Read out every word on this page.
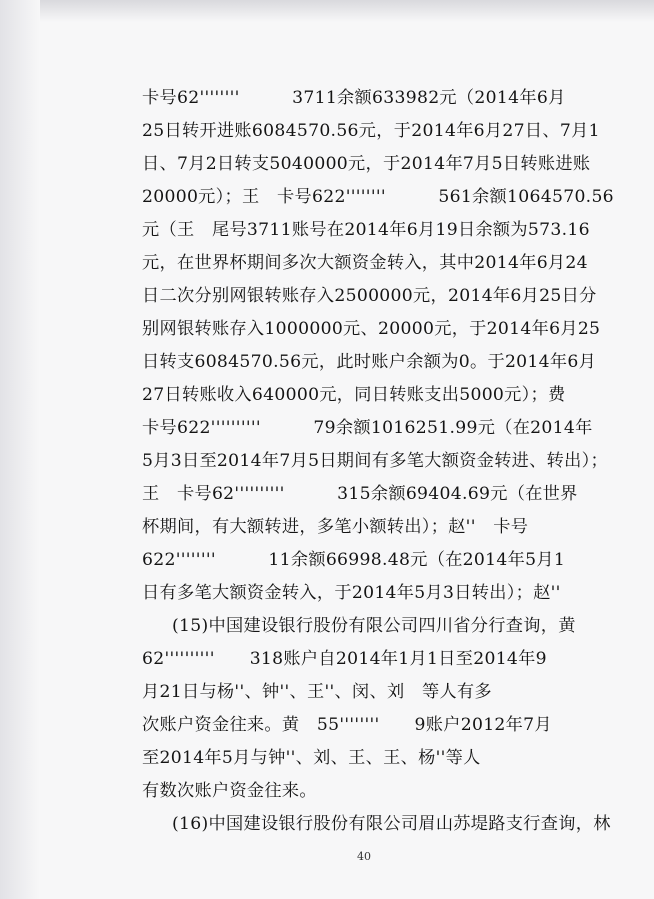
卡号62''''''''　　　3711余额633982元（2014年6月
25日转开进账6084570.56元，于2014年6月27日、7月1
日、7月2日转支5040000元，于2014年7月5日转账进账
20000元）；王　卡号622''''''''　　　561余额1064570.56
元（王　尾号3711账号在2014年6月19日余额为573.16
元，在世界杯期间多次大额资金转入，其中2014年6月24
日二次分别网银转账存入2500000元，2014年6月25日分
别网银转账存入1000000元、20000元，于2014年6月25
日转支6084570.56元，此时账户余额为0。于2014年6月
27日转账收入640000元，同日转账支出5000元）；费
卡号622''''''''''　　　79余额1016251.99元（在2014年
5月3日至2014年7月5日期间有多笔大额资金转进、转出）；
王　卡号62''''''''''　　　315余额69404.69元（在世界
杯期间，有大额转进，多笔小额转出）；赵''　卡号
622''''''''　　　11余额66998.48元（在2014年5月1
日有多笔大额资金转入，于2014年5月3日转出）；赵''
(15)中国建设银行股份有限公司四川省分行查询，黄
62''''''''''　　318账户自2014年1月1日至2014年9
月21日与杨''、钟''、王''、闵、刘　等人有多
次账户资金往来。黄　55''''''''　　9账户2012年7月
至2014年5月与钟''、刘、王、王、杨''等人
有数次账户资金往来。
(16)中国建设银行股份有限公司眉山苏堤路支行查询，林
40
